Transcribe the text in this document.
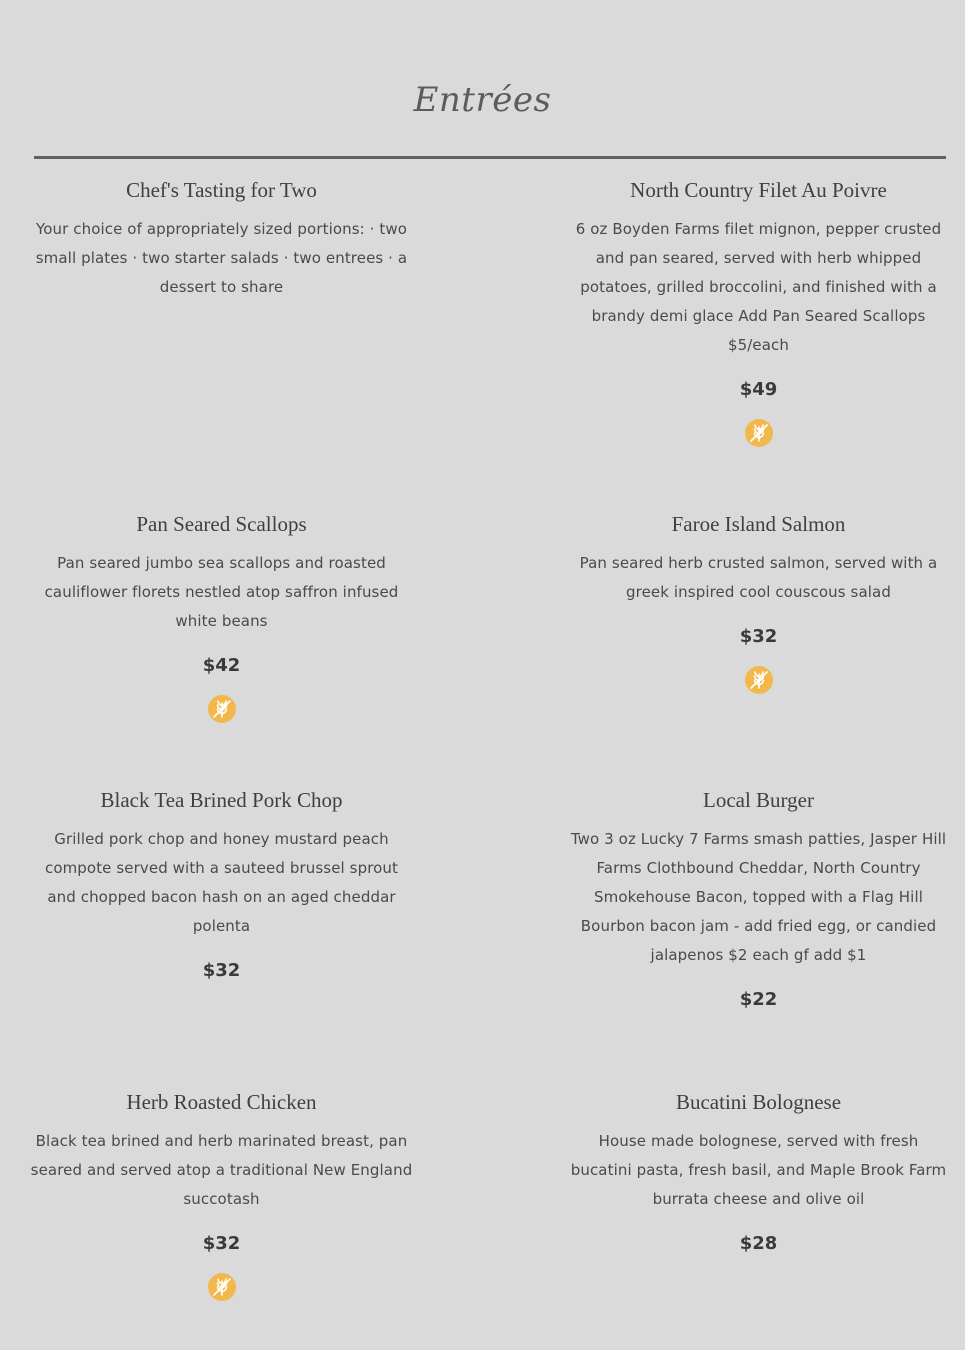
Entrées
Chef's Tasting for Two
Your choice of appropriately sized portions: · two small plates · two starter salads · two entrees · a dessert to share
North Country Filet Au Poivre
6 oz Boyden Farms filet mignon, pepper crusted and pan seared, served with herb whipped potatoes, grilled broccolini, and finished with a brandy demi glace Add Pan Seared Scallops $5/each
$49
Pan Seared Scallops
Pan seared jumbo sea scallops and roasted cauliflower florets nestled atop saffron infused white beans
$42
Faroe Island Salmon
Pan seared herb crusted salmon, served with a greek inspired cool couscous salad
$32
Black Tea Brined Pork Chop
Grilled pork chop and honey mustard peach compote served with a sauteed brussel sprout and chopped bacon hash on an aged cheddar polenta
$32
Local Burger
Two 3 oz Lucky 7 Farms smash patties, Jasper Hill Farms Clothbound Cheddar, North Country Smokehouse Bacon, topped with a Flag Hill Bourbon bacon jam - add fried egg, or candied jalapenos $2 each gf add $1
$22
Herb Roasted Chicken
Black tea brined and herb marinated breast, pan seared and served atop a traditional New England succotash
$32
Bucatini Bolognese
House made bolognese, served with fresh bucatini pasta, fresh basil, and Maple Brook Farm burrata cheese and olive oil
$28
